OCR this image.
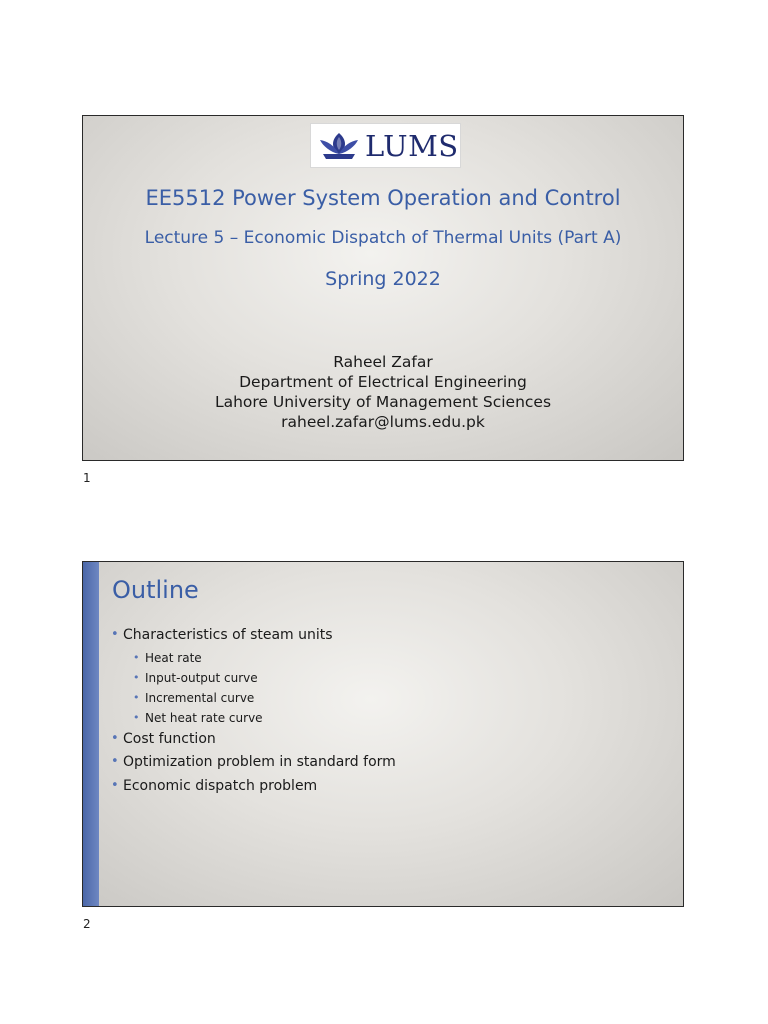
LUMS
EE5512 Power System Operation and Control
Lecture 5 – Economic Dispatch of Thermal Units (Part A)
Spring 2022
Raheel Zafar
Department of Electrical Engineering
Lahore University of Management Sciences
raheel.zafar@lums.edu.pk
1
Outline
• Characteristics of steam units
• Heat rate
• Input-output curve
• Incremental curve
• Net heat rate curve
• Cost function
• Optimization problem in standard form
• Economic dispatch problem
2
